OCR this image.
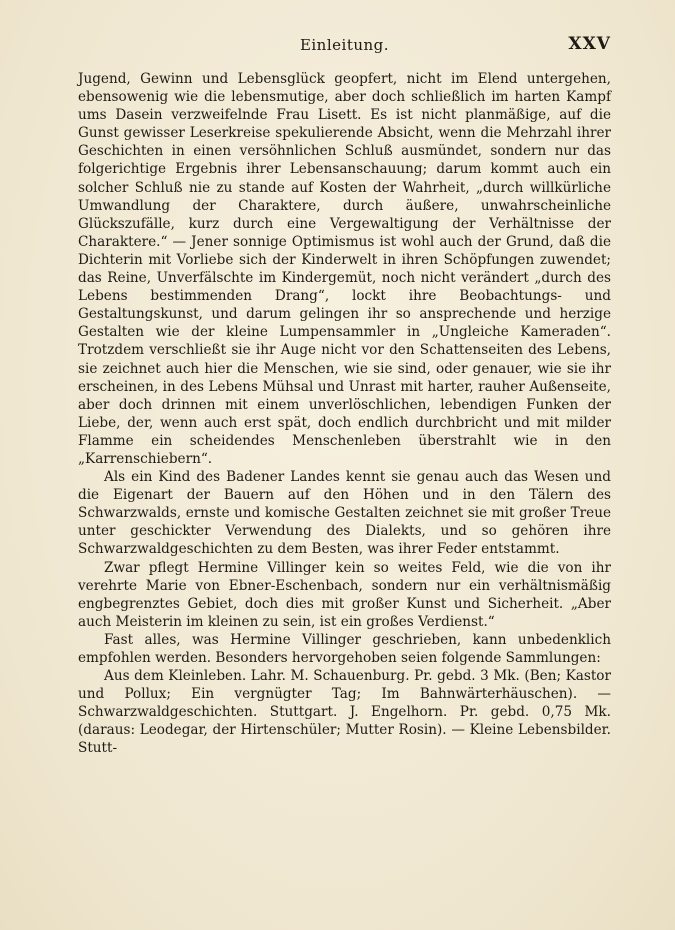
Einleitung.	XXV

Jugend, Gewinn und Lebensglück geopfert, nicht im Elend untergehen, ebensowenig wie die lebensmutige, aber doch schließlich im harten Kampf ums Dasein verzweifelnde Frau Lisett. Es ist nicht planmäßige, auf die Gunst gewisser Leserkreise spekulierende Absicht, wenn die Mehrzahl ihrer Geschichten in einen versöhnlichen Schluß ausmündet, sondern nur das folgerichtige Ergebnis ihrer Lebensanschauung; darum kommt auch ein solcher Schluß nie zu stande auf Kosten der Wahrheit, „durch willkürliche Umwandlung der Charaktere, durch äußere, unwahrscheinliche Glückszufälle, kurz durch eine Vergewaltigung der Verhältnisse der Charaktere.“ — Jener sonnige Optimismus ist wohl auch der Grund, daß die Dichterin mit Vorliebe sich der Kinderwelt in ihren Schöpfungen zuwendet; das Reine, Unverfälschte im Kindergemüt, noch nicht verändert „durch des Lebens bestimmenden Drang“, lockt ihre Beobachtungs- und Gestaltungskunst, und darum gelingen ihr so ansprechende und herzige Gestalten wie der kleine Lumpensammler in „Ungleiche Kameraden“. Trotzdem verschließt sie ihr Auge nicht vor den Schattenseiten des Lebens, sie zeichnet auch hier die Menschen, wie sie sind, oder genauer, wie sie ihr erscheinen, in des Lebens Mühsal und Unrast mit harter, rauher Außenseite, aber doch drinnen mit einem unverlöschlichen, lebendigen Funken der Liebe, der, wenn auch erst spät, doch endlich durchbricht und mit milder Flamme ein scheidendes Menschenleben überstrahlt wie in den „Karrenschiebern“.

Als ein Kind des Badener Landes kennt sie genau auch das Wesen und die Eigenart der Bauern auf den Höhen und in den Tälern des Schwarzwalds, ernste und komische Gestalten zeichnet sie mit großer Treue unter geschickter Verwendung des Dialekts, und so gehören ihre Schwarzwaldgeschichten zu dem Besten, was ihrer Feder entstammt.

Zwar pflegt Hermine Villinger kein so weites Feld, wie die von ihr verehrte Marie von Ebner-Eschenbach, sondern nur ein verhältnismäßig engbegrenztes Gebiet, doch dies mit großer Kunst und Sicherheit. „Aber auch Meisterin im kleinen zu sein, ist ein großes Verdienst.“

Fast alles, was Hermine Villinger geschrieben, kann unbedenklich empfohlen werden. Besonders hervorgehoben seien folgende Sammlungen:

Aus dem Kleinleben. Lahr. M. Schauenburg. Pr. gebd. 3 Mk. (Ben; Kastor und Pollux; Ein vergnügter Tag; Im Bahnwärterhäuschen). — Schwarzwaldgeschichten. Stuttgart. J. Engelhorn. Pr. gebd. 0,75 Mk. (daraus: Leodegar, der Hirtenschüler; Mutter Rosin). — Kleine Lebensbilder. Stutt-
